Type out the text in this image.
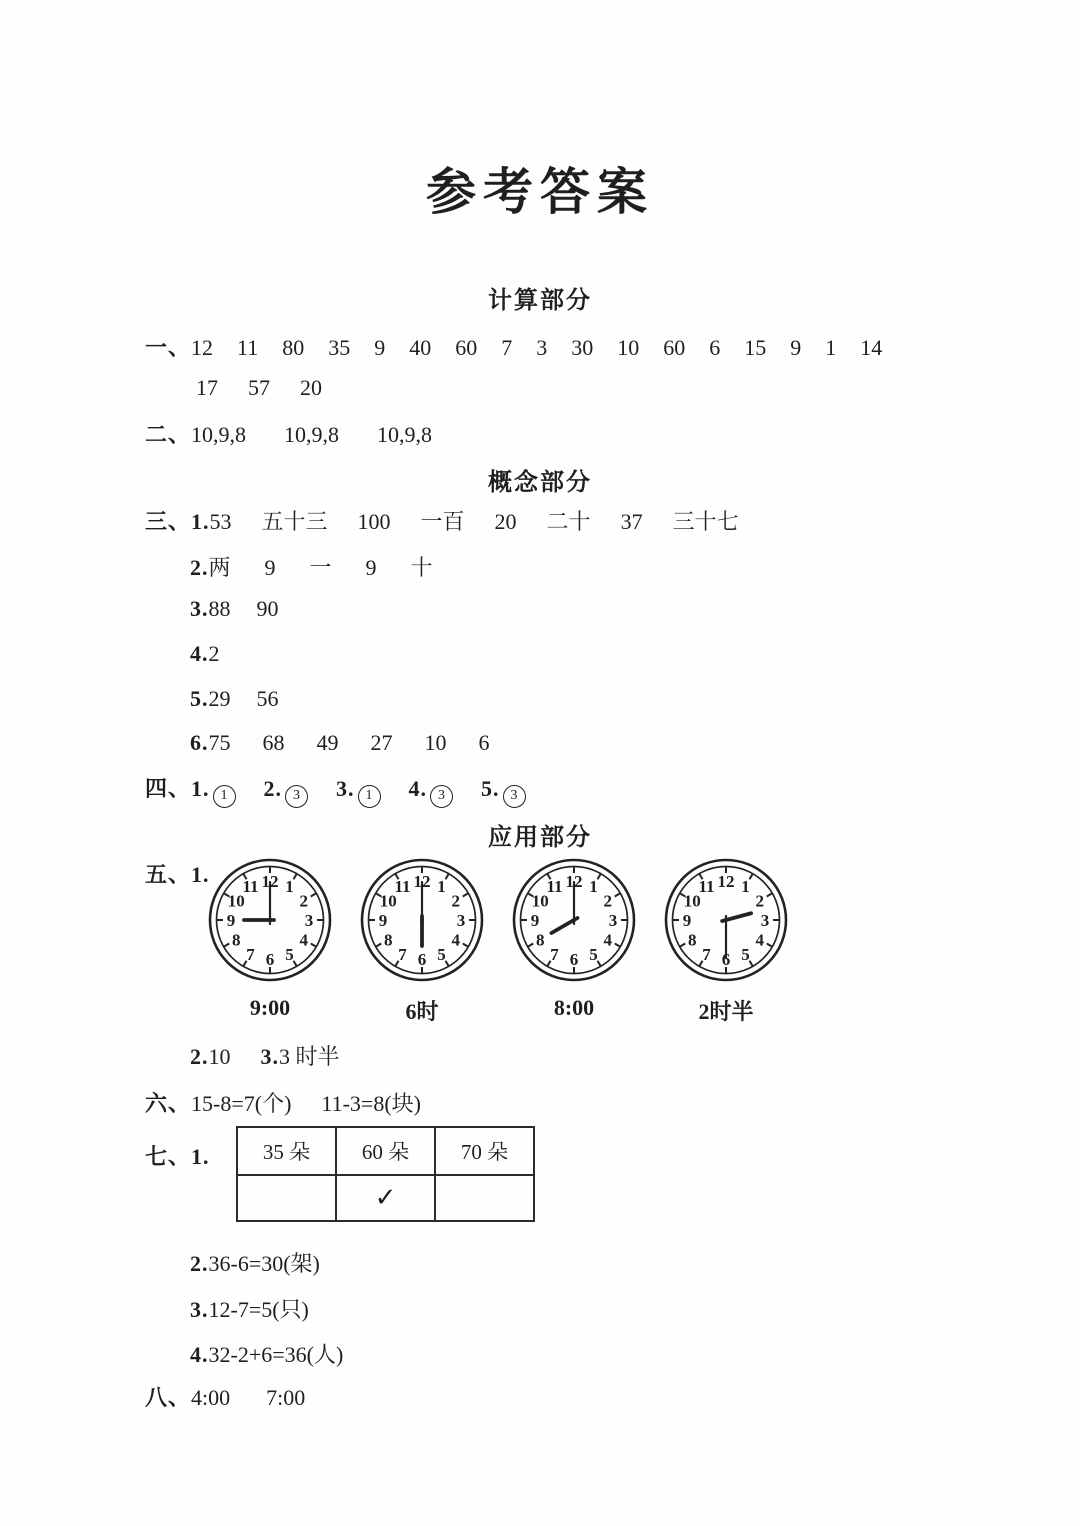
参考答案
计算部分
一、 12 11 80 35 9 40 60 7 3 30 10 60 6 15 9 1 14
17 57 20
二、 10,9,8 10,9,8 10,9,8
概念部分
三、1. 53 五十三 100 一百 20 二十 37 三十七
2. 两 9 一 9 十
3. 88 90
4. 2
5. 29 56
6. 75 68 49 27 10 6
四、 1. 1	2. 3	3. 1	4. 3	5. 3
应用部分
五、1.	1
2
3
4
5
6
7
8
9
10
11 12
9:00
1
2
3
4
5
6
7
8
9
10
11 12
6时
1
2
3
4
5
6
7
8
9
10
11 12
8:00
1
2
3
4
5
6
7
8
9
10
11 12
2时半
2. 10 3. 3 时半
六、 15-8=7(个) 11-3=8(块)
七、1.	35 朵	60 朵	70 朵
	✓	
2. 36-6=30(架)
3. 12-7=5(只)
4. 32-2+6=36(人)
八、 4:00 7:00
